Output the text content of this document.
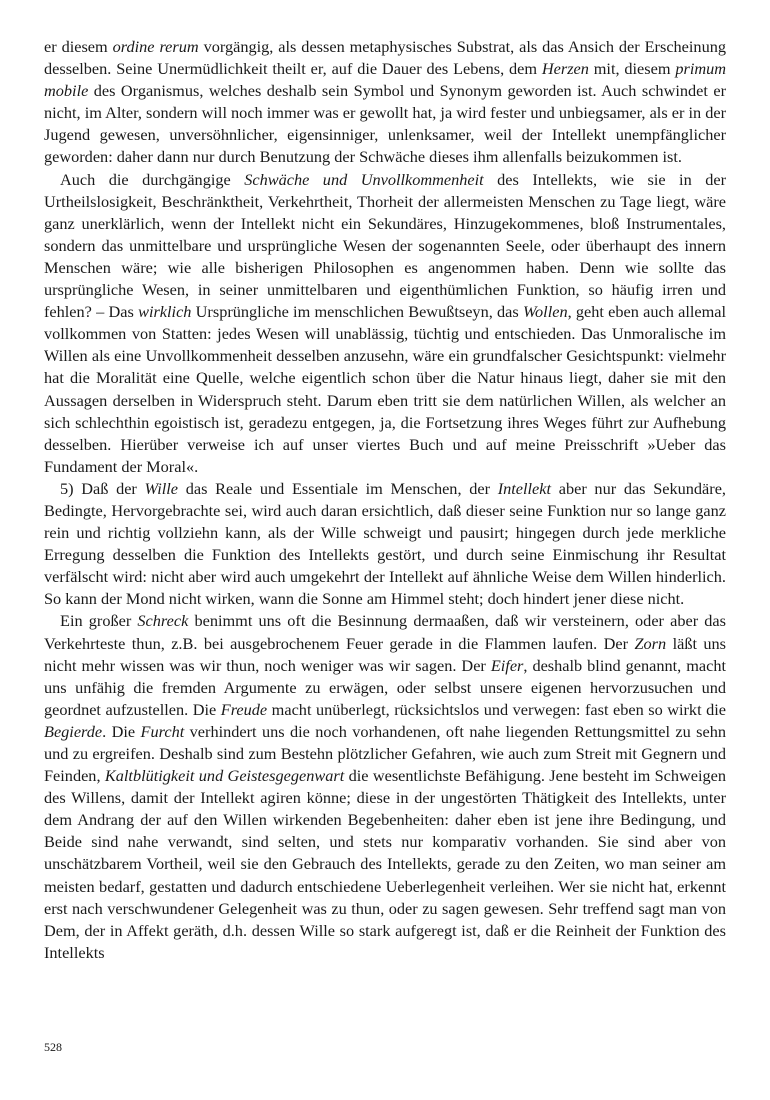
er diesem ordine rerum vorgängig, als dessen metaphysisches Substrat, als das Ansich der Erscheinung desselben. Seine Unermüdlichkeit theilt er, auf die Dauer des Lebens, dem Herzen mit, diesem primum mobile des Organismus, welches deshalb sein Symbol und Synonym geworden ist. Auch schwindet er nicht, im Alter, sondern will noch immer was er gewollt hat, ja wird fester und unbiegsamer, als er in der Jugend gewesen, unversöhnlicher, eigensinniger, unlenksamer, weil der Intellekt unempfänglicher geworden: daher dann nur durch Benutzung der Schwäche dieses ihm allenfalls beizukommen ist.

Auch die durchgängige Schwäche und Unvollkommenheit des Intellekts, wie sie in der Urtheilslosigkeit, Beschränktheit, Verkehrtheit, Thorheit der allermeisten Menschen zu Tage liegt, wäre ganz unerklärlich, wenn der Intellekt nicht ein Sekundäres, Hinzugekommenes, bloß Instrumentales, sondern das unmittelbare und ursprüngliche Wesen der sogenannten Seele, oder überhaupt des innern Menschen wäre; wie alle bisherigen Philosophen es angenommen haben. Denn wie sollte das ursprüngliche Wesen, in seiner unmittelbaren und eigenthümlichen Funktion, so häufig irren und fehlen? – Das wirklich Ursprüngliche im menschlichen Bewußtseyn, das Wollen, geht eben auch allemal vollkommen von Statten: jedes Wesen will unablässig, tüchtig und entschieden. Das Unmoralische im Willen als eine Unvollkommenheit desselben anzusehn, wäre ein grundfalscher Gesichtspunkt: vielmehr hat die Moralität eine Quelle, welche eigentlich schon über die Natur hinaus liegt, daher sie mit den Aussagen derselben in Widerspruch steht. Darum eben tritt sie dem natürlichen Willen, als welcher an sich schlechthin egoistisch ist, geradezu entgegen, ja, die Fortsetzung ihres Weges führt zur Aufhebung desselben. Hierüber verweise ich auf unser viertes Buch und auf meine Preisschrift »Ueber das Fundament der Moral«.

5) Daß der Wille das Reale und Essentiale im Menschen, der Intellekt aber nur das Sekundäre, Bedingte, Hervorgebrachte sei, wird auch daran ersichtlich, daß dieser seine Funktion nur so lange ganz rein und richtig vollziehn kann, als der Wille schweigt und pausirt; hingegen durch jede merkliche Erregung desselben die Funktion des Intellekts gestört, und durch seine Einmischung ihr Resultat verfälscht wird: nicht aber wird auch umgekehrt der Intellekt auf ähnliche Weise dem Willen hinderlich. So kann der Mond nicht wirken, wann die Sonne am Himmel steht; doch hindert jener diese nicht.

Ein großer Schreck benimmt uns oft die Besinnung dermaaßen, daß wir versteinern, oder aber das Verkehrteste thun, z.B. bei ausgebrochenem Feuer gerade in die Flammen laufen. Der Zorn läßt uns nicht mehr wissen was wir thun, noch weniger was wir sagen. Der Eifer, deshalb blind genannt, macht uns unfähig die fremden Argumente zu erwägen, oder selbst unsere eigenen hervorzusuchen und geordnet aufzustellen. Die Freude macht unüberlegt, rücksichtslos und verwegen: fast eben so wirkt die Begierde. Die Furcht verhindert uns die noch vorhandenen, oft nahe liegenden Rettungsmittel zu sehn und zu ergreifen. Deshalb sind zum Bestehn plötzlicher Gefahren, wie auch zum Streit mit Gegnern und Feinden, Kaltblütigkeit und Geistesgegenwart die wesentlichste Befähigung. Jene besteht im Schweigen des Willens, damit der Intellekt agiren könne; diese in der ungestörten Thätigkeit des Intellekts, unter dem Andrang der auf den Willen wirkenden Begebenheiten: daher eben ist jene ihre Bedingung, und Beide sind nahe verwandt, sind selten, und stets nur komparativ vorhanden. Sie sind aber von unschätzbarem Vortheil, weil sie den Gebrauch des Intellekts, gerade zu den Zeiten, wo man seiner am meisten bedarf, gestatten und dadurch entschiedene Ueberlegenheit verleihen. Wer sie nicht hat, erkennt erst nach verschwundener Gelegenheit was zu thun, oder zu sagen gewesen. Sehr treffend sagt man von Dem, der in Affekt geräth, d.h. dessen Wille so stark aufgeregt ist, daß er die Reinheit der Funktion des Intellekts

528
